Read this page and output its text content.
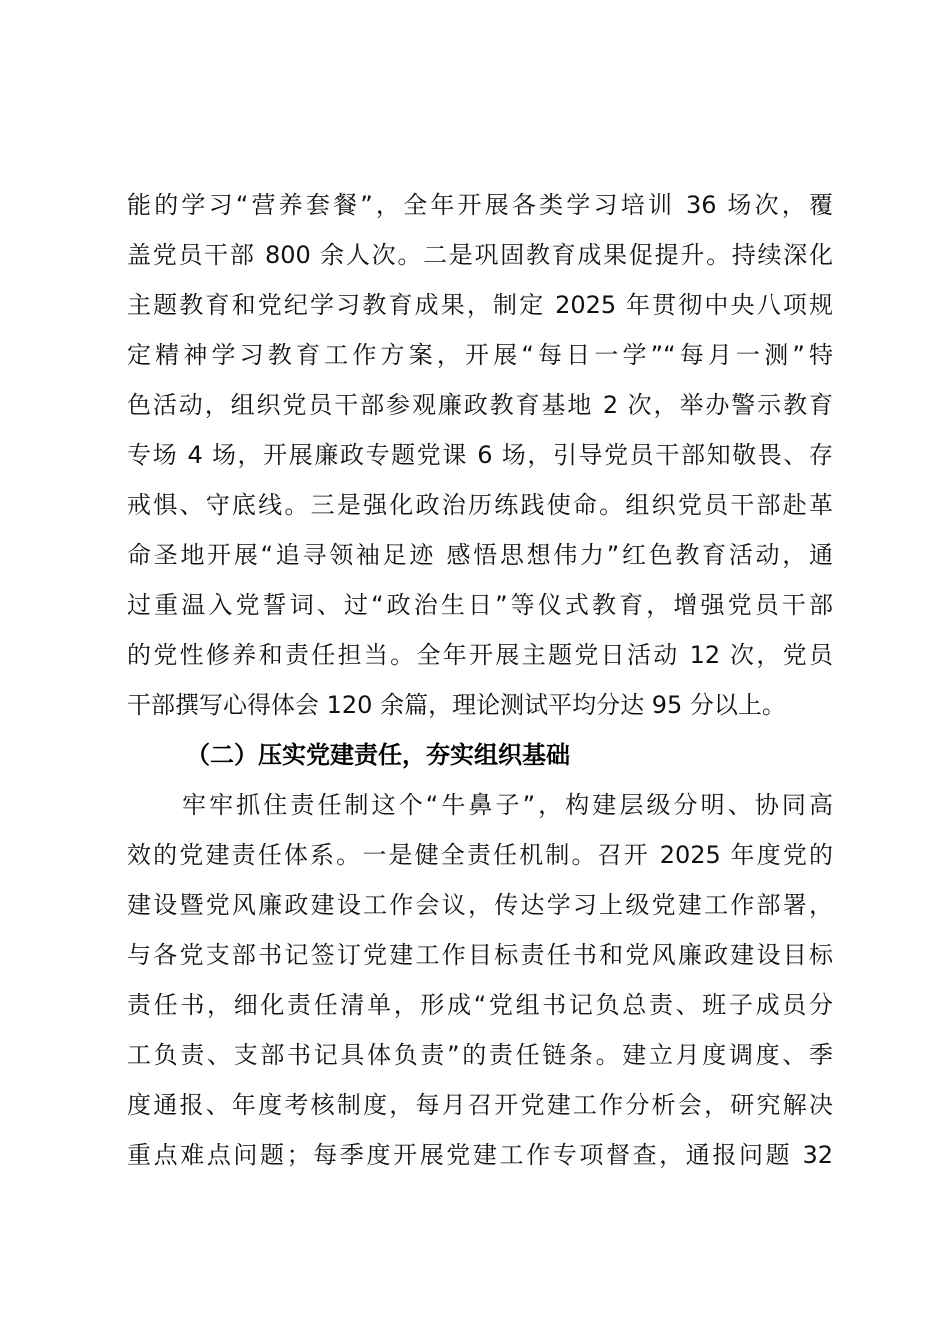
能的学习“营养套餐”，全年开展各类学习培训 36 场次，覆
盖党员干部 800 余人次。二是巩固教育成果促提升。持续深化
主题教育和党纪学习教育成果，制定 2025 年贯彻中央八项规
定精神学习教育工作方案，开展“每日一学”“每月一测”特
色活动，组织党员干部参观廉政教育基地 2 次，举办警示教育
专场 4 场，开展廉政专题党课 6 场，引导党员干部知敬畏、存
戒惧、守底线。三是强化政治历练践使命。组织党员干部赴革
命圣地开展“追寻领袖足迹 感悟思想伟力”红色教育活动，通
过重温入党誓词、过“政治生日”等仪式教育，增强党员干部
的党性修养和责任担当。全年开展主题党日活动 12 次，党员
干部撰写心得体会 120 余篇，理论测试平均分达 95 分以上。
（二）压实党建责任，夯实组织基础
牢牢抓住责任制这个“牛鼻子”，构建层级分明、协同高
效的党建责任体系。一是健全责任机制。召开 2025 年度党的
建设暨党风廉政建设工作会议，传达学习上级党建工作部署，
与各党支部书记签订党建工作目标责任书和党风廉政建设目标
责任书，细化责任清单，形成“党组书记负总责、班子成员分
工负责、支部书记具体负责”的责任链条。建立月度调度、季
度通报、年度考核制度，每月召开党建工作分析会，研究解决
重点难点问题；每季度开展党建工作专项督查，通报问题 32
